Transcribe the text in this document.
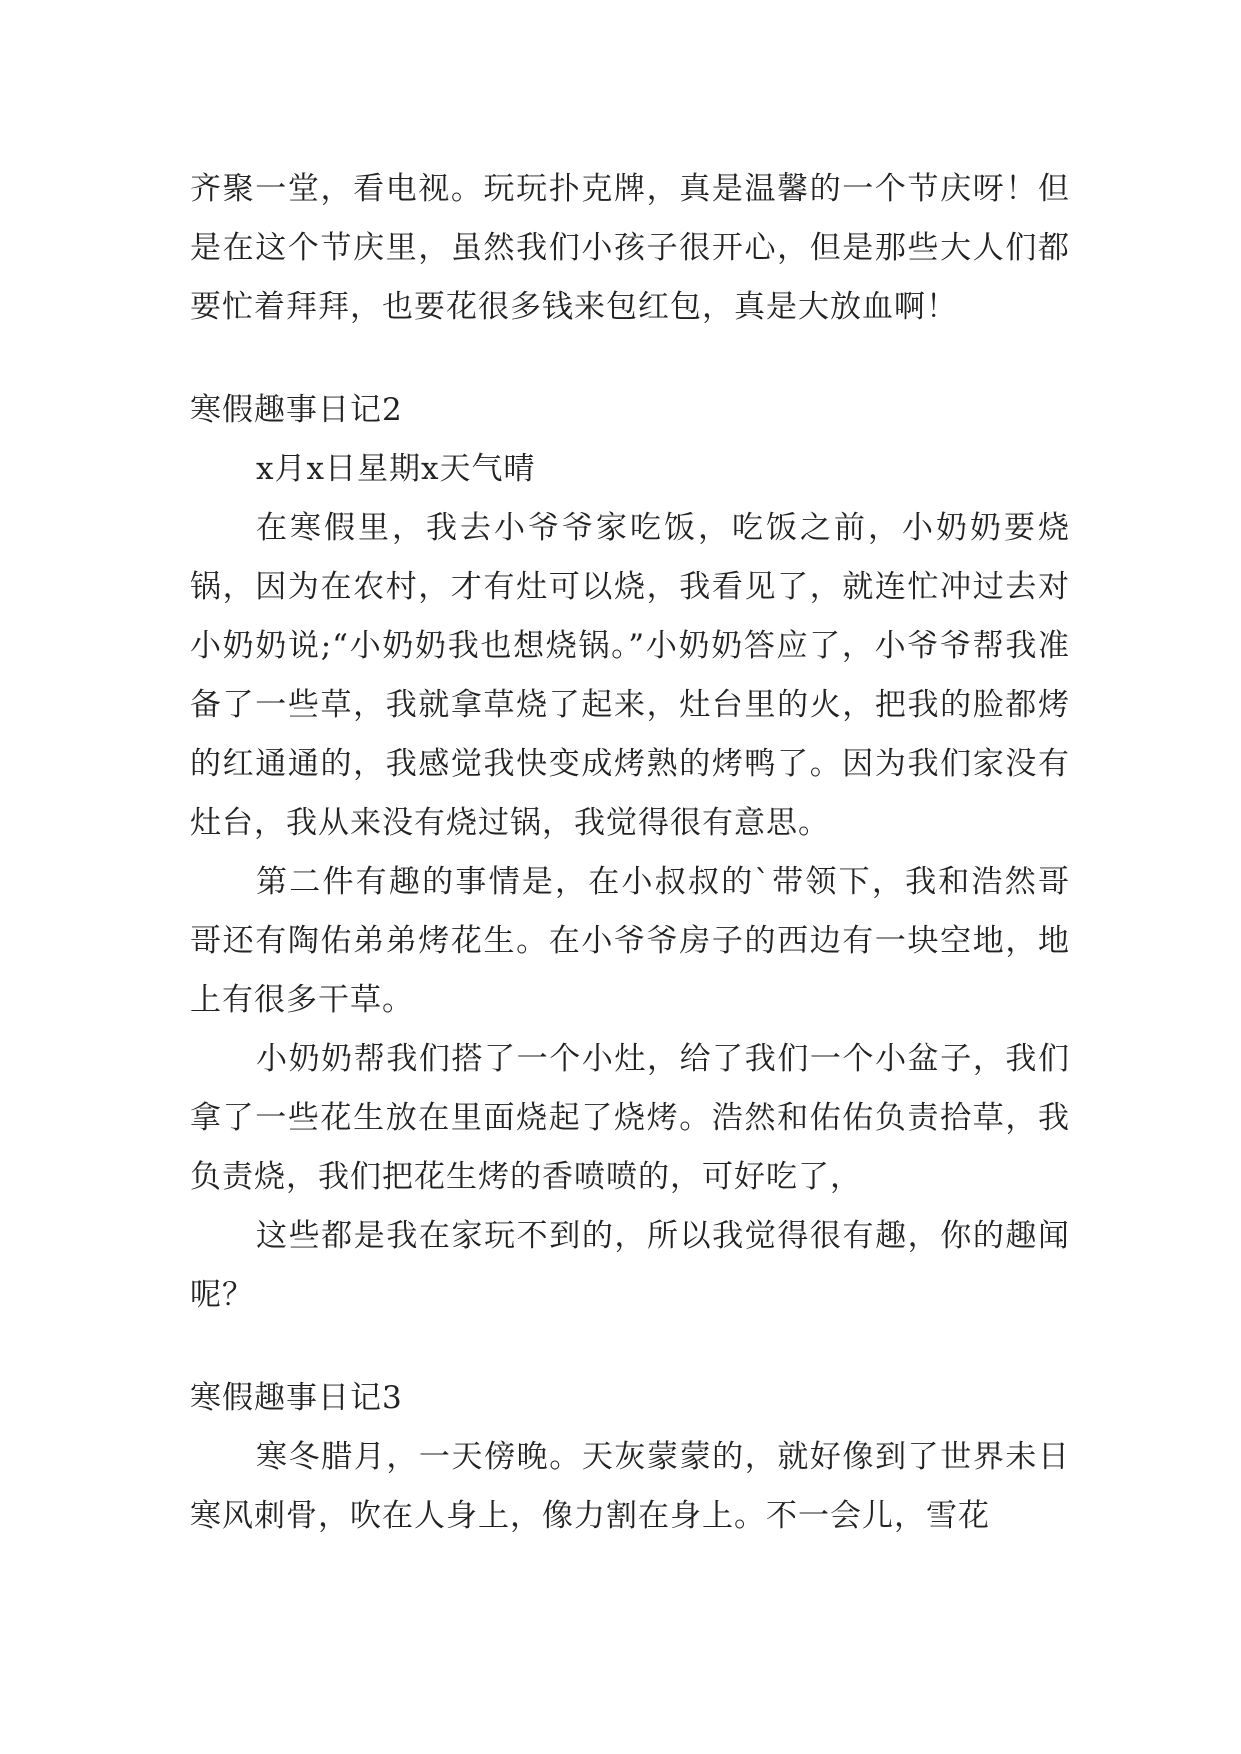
齐聚一堂，看电视。玩玩扑克牌，真是温馨的一个节庆呀！但是在这个节庆里，虽然我们小孩子很开心，但是那些大人们都要忙着拜拜，也要花很多钱来包红包，真是大放血啊！

寒假趣事日记2

x月x日星期x天气晴

在寒假里，我去小爷爷家吃饭，吃饭之前，小奶奶要烧锅，因为在农村，才有灶可以烧，我看见了，就连忙冲过去对小奶奶说;“小奶奶我也想烧锅。”小奶奶答应了，小爷爷帮我准备了一些草，我就拿草烧了起来，灶台里的火，把我的脸都烤的红通通的，我感觉我快变成烤熟的烤鸭了。因为我们家没有灶台，我从来没有烧过锅，我觉得很有意思。

第二件有趣的事情是，在小叔叔的`带领下，我和浩然哥哥还有陶佑弟弟烤花生。在小爷爷房子的西边有一块空地，地上有很多干草。

小奶奶帮我们搭了一个小灶，给了我们一个小盆子，我们拿了一些花生放在里面烧起了烧烤。浩然和佑佑负责拾草，我负责烧，我们把花生烤的香喷喷的，可好吃了，

这些都是我在家玩不到的，所以我觉得很有趣，你的趣闻呢？

寒假趣事日记3

寒冬腊月，一天傍晚。天灰蒙蒙的，就好像到了世界未日寒风刺骨，吹在人身上，像力割在身上。不一会儿，雪花
